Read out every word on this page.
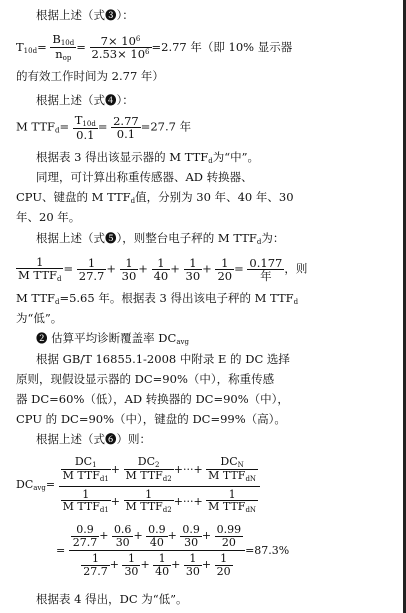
根据上述（式❸）：
$T_{10d}= \frac{B_{10d}}{n_{op}} = \frac{7\times 10^6}{2.53\times 10^6} =2.77$ 年（即 10% 显示器
的有效工作时间为 2.77 年）
根据上述（式❹）：
M $TTF_d= \frac{T_{10d}}{0.1} = \frac{2.77}{0.1} =27.7$ 年
根据表 3 得出该显示器的 M $TTF_d$为“中”。
同理，可计算出称重传感器、AD 转换器、
CPU、键盘的 M $TTF_d$值，分别为 30 年、40 年、30
年、20 年。
根据上述（式❺），则整台电子秤的 M $TTF_d$为：
$\frac{1}{M TTF_d} = \frac{1}{27.7} + \frac{1}{30} + \frac{1}{40} + \frac{1}{30} + \frac{1}{20} = \frac{0.177}{\text{年}}$ ，则
M $TTF_d=5.65$ 年。根据表 3 得出该电子秤的 M $TTF_d$
为“低”。
❷ 估算平均诊断覆盖率 $DC_{avg}$
根据 GB/T 16855.1-2008 中附录 E 的 DC 选择
原则，现假设显示器的 DC=90%（中），称重传感
器 DC=60%（低），AD 转换器的 DC=90%（中），
CPU 的 DC=90%（中），键盘的 DC=99%（高）。
根据上述（式❻）则：
$DC_{avg}= \frac{\frac{DC_1}{M TTF_{d1}} + \frac{DC_2}{M TTF_{d2}} +\cdot\cdot\cdot+ \frac{DC_N}{M TTF_{dN}}}{\frac{1}{M TTF_{d1}} + \frac{1}{M TTF_{d2}} +\cdot\cdot\cdot+ \frac{1}{M TTF_{dN}}}$
=
$\frac{0.9}{27.7} + \frac{0.6}{30} + \frac{0.9}{40} + \frac{0.9}{30} + \frac{0.99}{20}$
$\frac{1}{27.7} + \frac{1}{30} + \frac{1}{40} + \frac{1}{30} + \frac{1}{20}$
=87.3%
根据表 4 得出，DC 为“低”。
